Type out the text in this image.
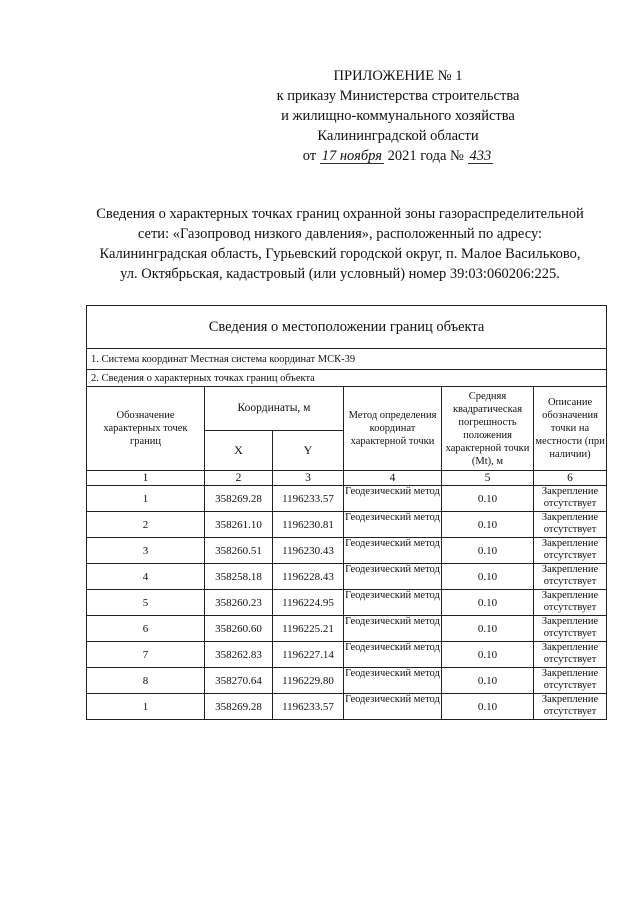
ПРИЛОЖЕНИЕ № 1
к приказу Министерства строительства
и жилищно-коммунального хозяйства
Калининградской области
от 17 ноября 2021 года № 433
Сведения о характерных точках границ охранной зоны газораспределительной
сети: «Газопровод низкого давления», расположенный по адресу:
Калининградская область, Гурьевский городской округ, п. Малое Васильково,
ул. Октябрьская, кадастровый (или условный) номер 39:03:060206:225.
Сведения о местоположении границ объекта					
1. Система координат Местная система координат МСК-39					
2. Сведения о характерных точках границ объекта					
Обозначение характерных точек границ	Координаты, м		Метод определения координат характерной точки	Средняя квадратическая погрешность положения характерной точки (Mt), м	Описание обозначения точки на местности (при наличии)
	X	Y			
1	2	3	4	5	6
1	358269.28	1196233.57	Геодезический метод	0.10	Закрепление отсутствует
2	358261.10	1196230.81	Геодезический метод	0.10	Закрепление отсутствует
3	358260.51	1196230.43	Геодезический метод	0.10	Закрепление отсутствует
4	358258.18	1196228.43	Геодезический метод	0.10	Закрепление отсутствует
5	358260.23	1196224.95	Геодезический метод	0.10	Закрепление отсутствует
6	358260.60	1196225.21	Геодезический метод	0.10	Закрепление отсутствует
7	358262.83	1196227.14	Геодезический метод	0.10	Закрепление отсутствует
8	358270.64	1196229.80	Геодезический метод	0.10	Закрепление отсутствует
1	358269.28	1196233.57	Геодезический метод	0.10	Закрепление отсутствует
